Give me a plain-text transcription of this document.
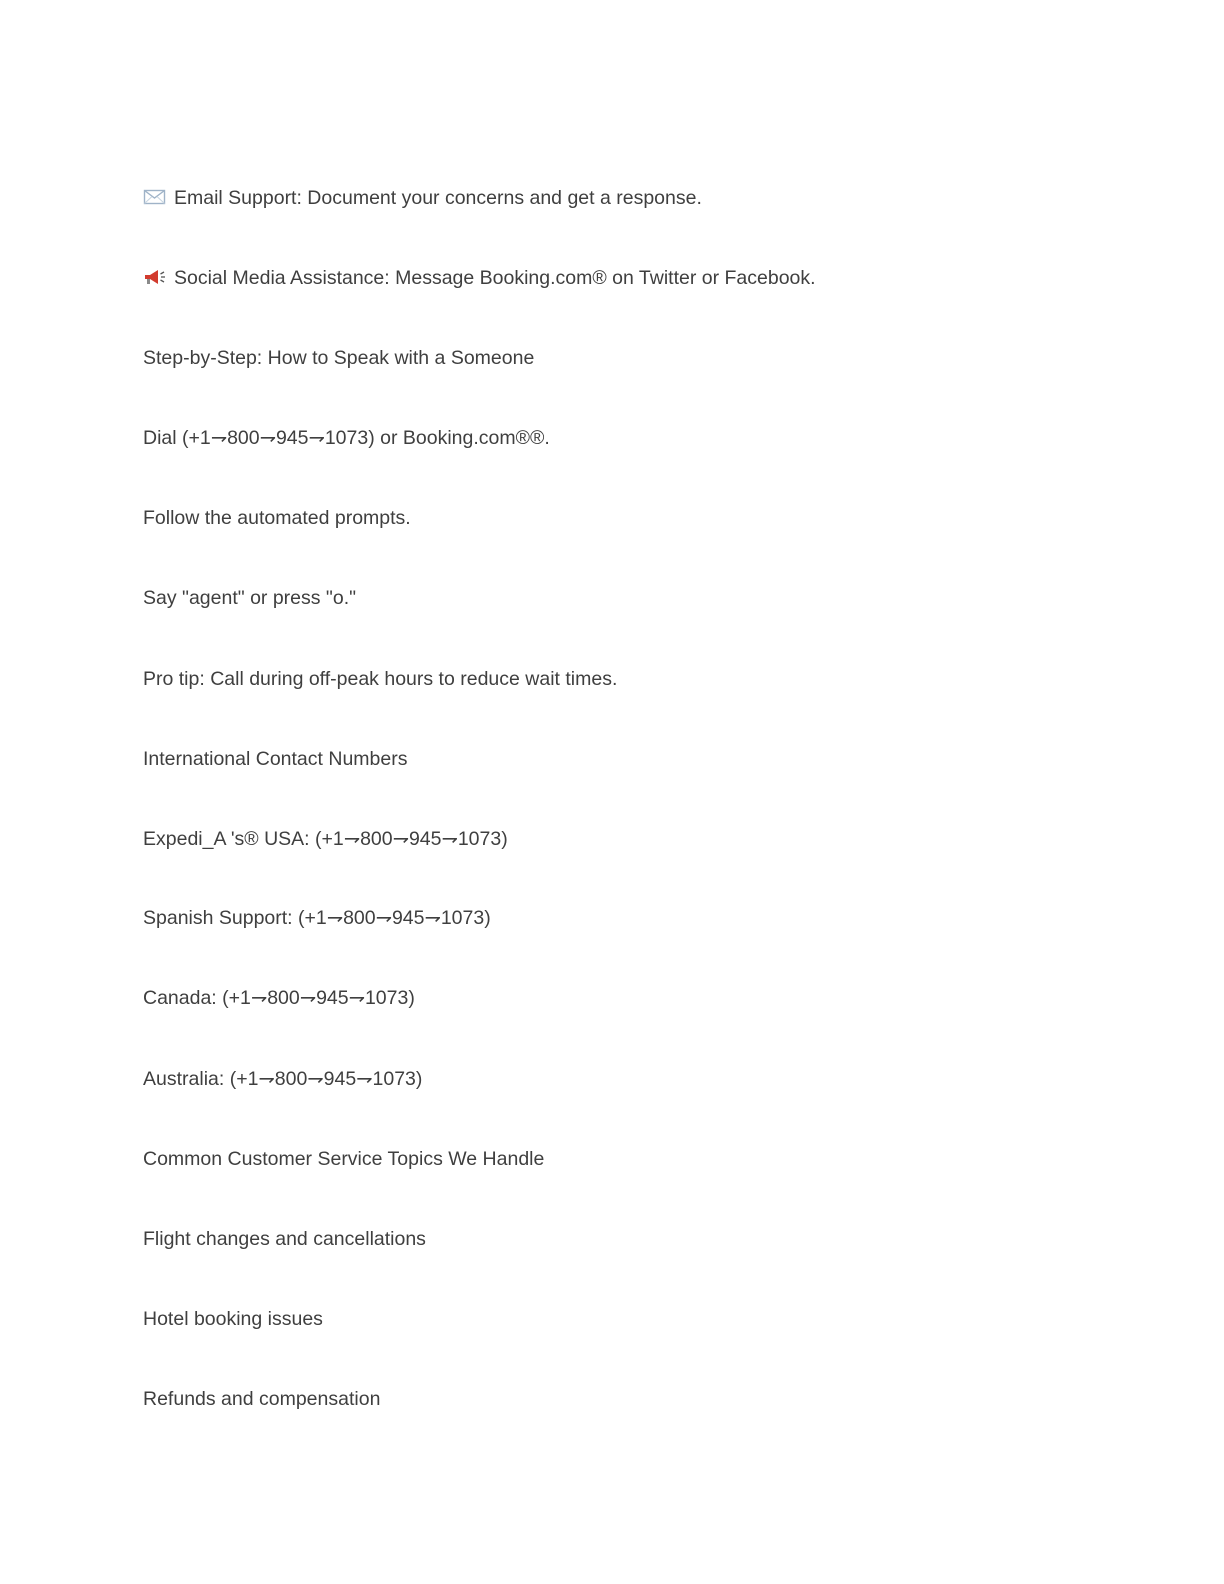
Email Support: Document your concerns and get a response.
Social Media Assistance: Message Booking.com® on Twitter or Facebook.
Step-by-Step: How to Speak with a Someone
Dial (+1⇁800⇁945⇁1073) or Booking.com®®.
Follow the automated prompts.
Say "agent" or press "o."
Pro tip: Call during off-peak hours to reduce wait times.
International Contact Numbers
Expedi_A 's® USA: (+1⇁800⇁945⇁1073)
Spanish Support: (+1⇁800⇁945⇁1073)
Canada: (+1⇁800⇁945⇁1073)
Australia: (+1⇁800⇁945⇁1073)
Common Customer Service Topics We Handle
Flight changes and cancellations
Hotel booking issues
Refunds and compensation
